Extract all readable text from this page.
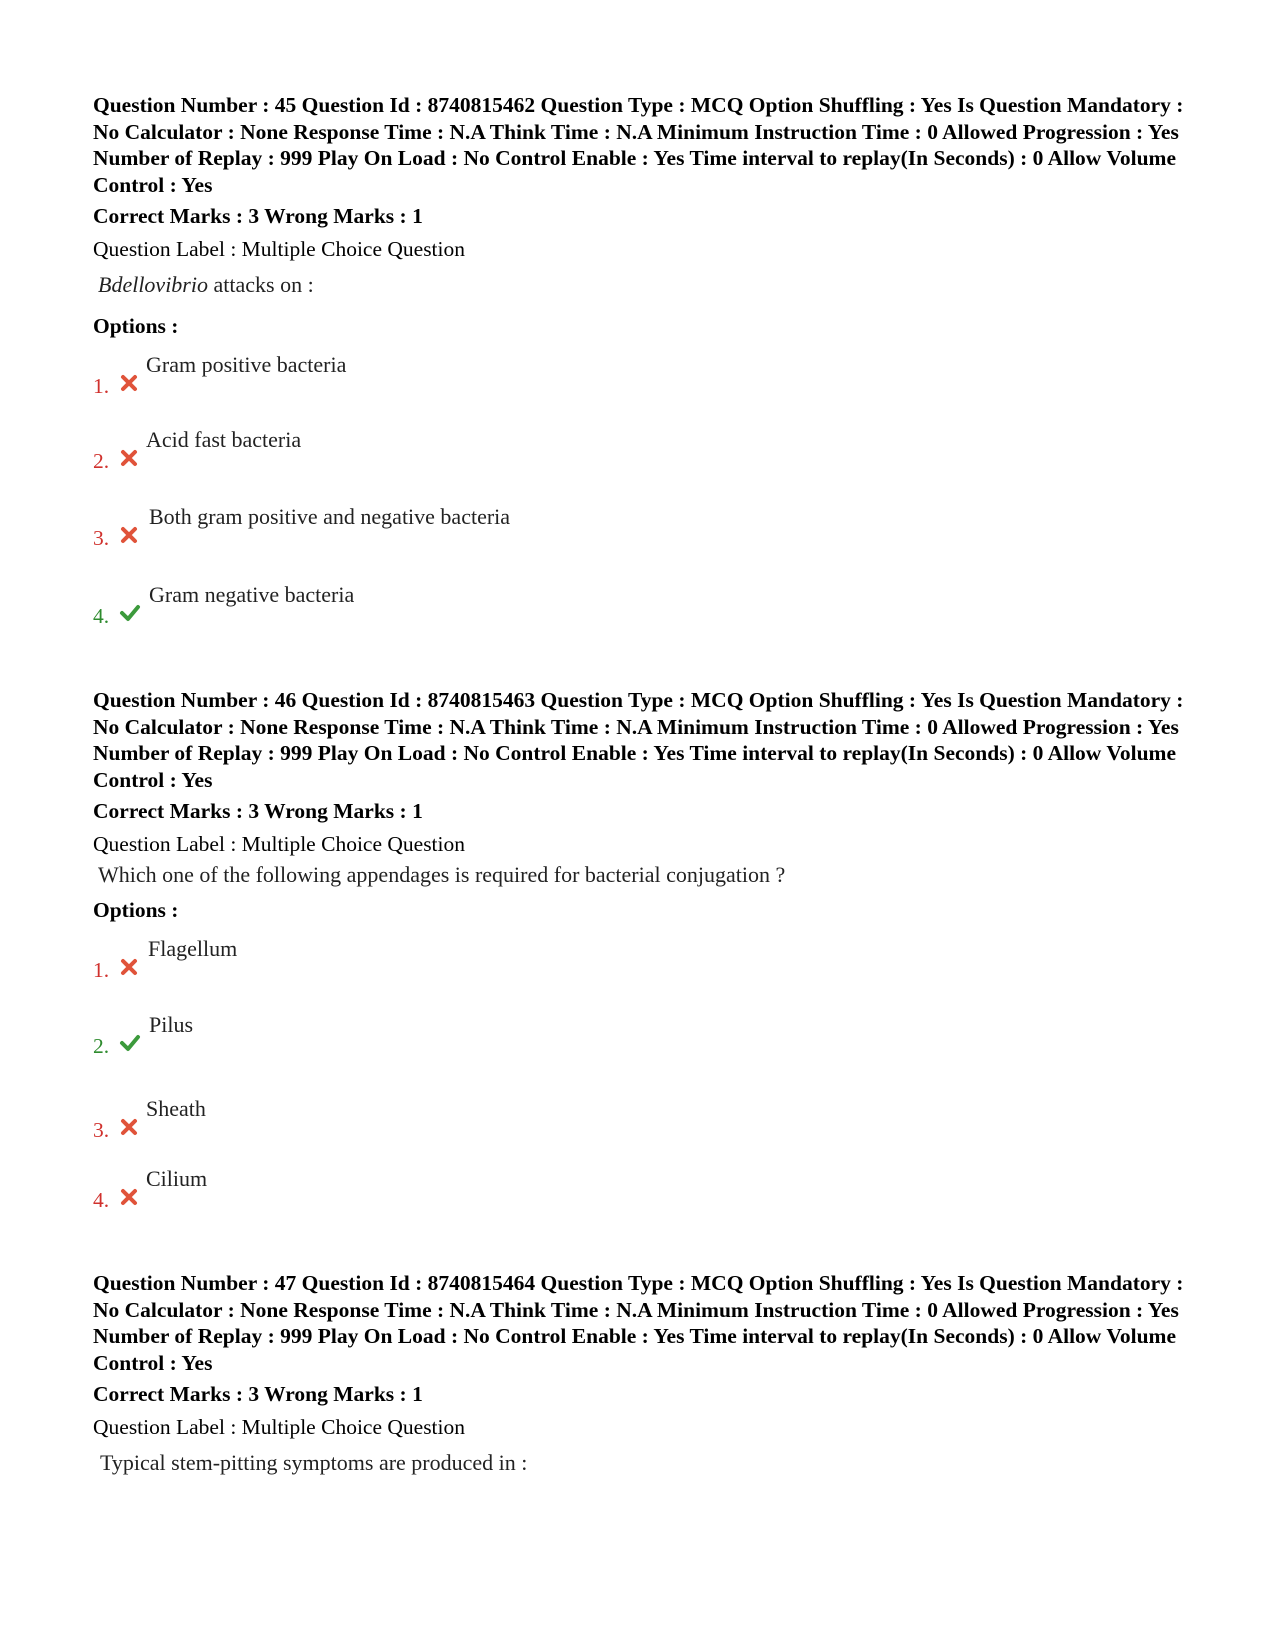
Question Number : 45 Question Id : 8740815462 Question Type : MCQ Option Shuffling : Yes Is Question Mandatory : No Calculator : None Response Time : N.A Think Time : N.A Minimum Instruction Time : 0 Allowed Progression : Yes Number of Replay : 999 Play On Load : No Control Enable : Yes Time interval to replay(In Seconds) : 0 Allow Volume Control : Yes

Correct Marks : 3 Wrong Marks : 1
Question Label : Multiple Choice Question
Bdellovibrio attacks on :
Options :
1.
Gram positive bacteria
2.
Acid fast bacteria
3.
Both gram positive and negative bacteria
4.
Gram negative bacteria

Question Number : 46 Question Id : 8740815463 Question Type : MCQ Option Shuffling : Yes Is Question Mandatory : No Calculator : None Response Time : N.A Think Time : N.A Minimum Instruction Time : 0 Allowed Progression : Yes Number of Replay : 999 Play On Load : No Control Enable : Yes Time interval to replay(In Seconds) : 0 Allow Volume Control : Yes

Correct Marks : 3 Wrong Marks : 1
Question Label : Multiple Choice Question
Which one of the following appendages is required for bacterial conjugation ?
Options :
1.
Flagellum
2.
Pilus
3.
Sheath
4.
Cilium

Question Number : 47 Question Id : 8740815464 Question Type : MCQ Option Shuffling : Yes Is Question Mandatory : No Calculator : None Response Time : N.A Think Time : N.A Minimum Instruction Time : 0 Allowed Progression : Yes Number of Replay : 999 Play On Load : No Control Enable : Yes Time interval to replay(In Seconds) : 0 Allow Volume Control : Yes

Correct Marks : 3 Wrong Marks : 1
Question Label : Multiple Choice Question
Typical stem-pitting symptoms are produced in :
